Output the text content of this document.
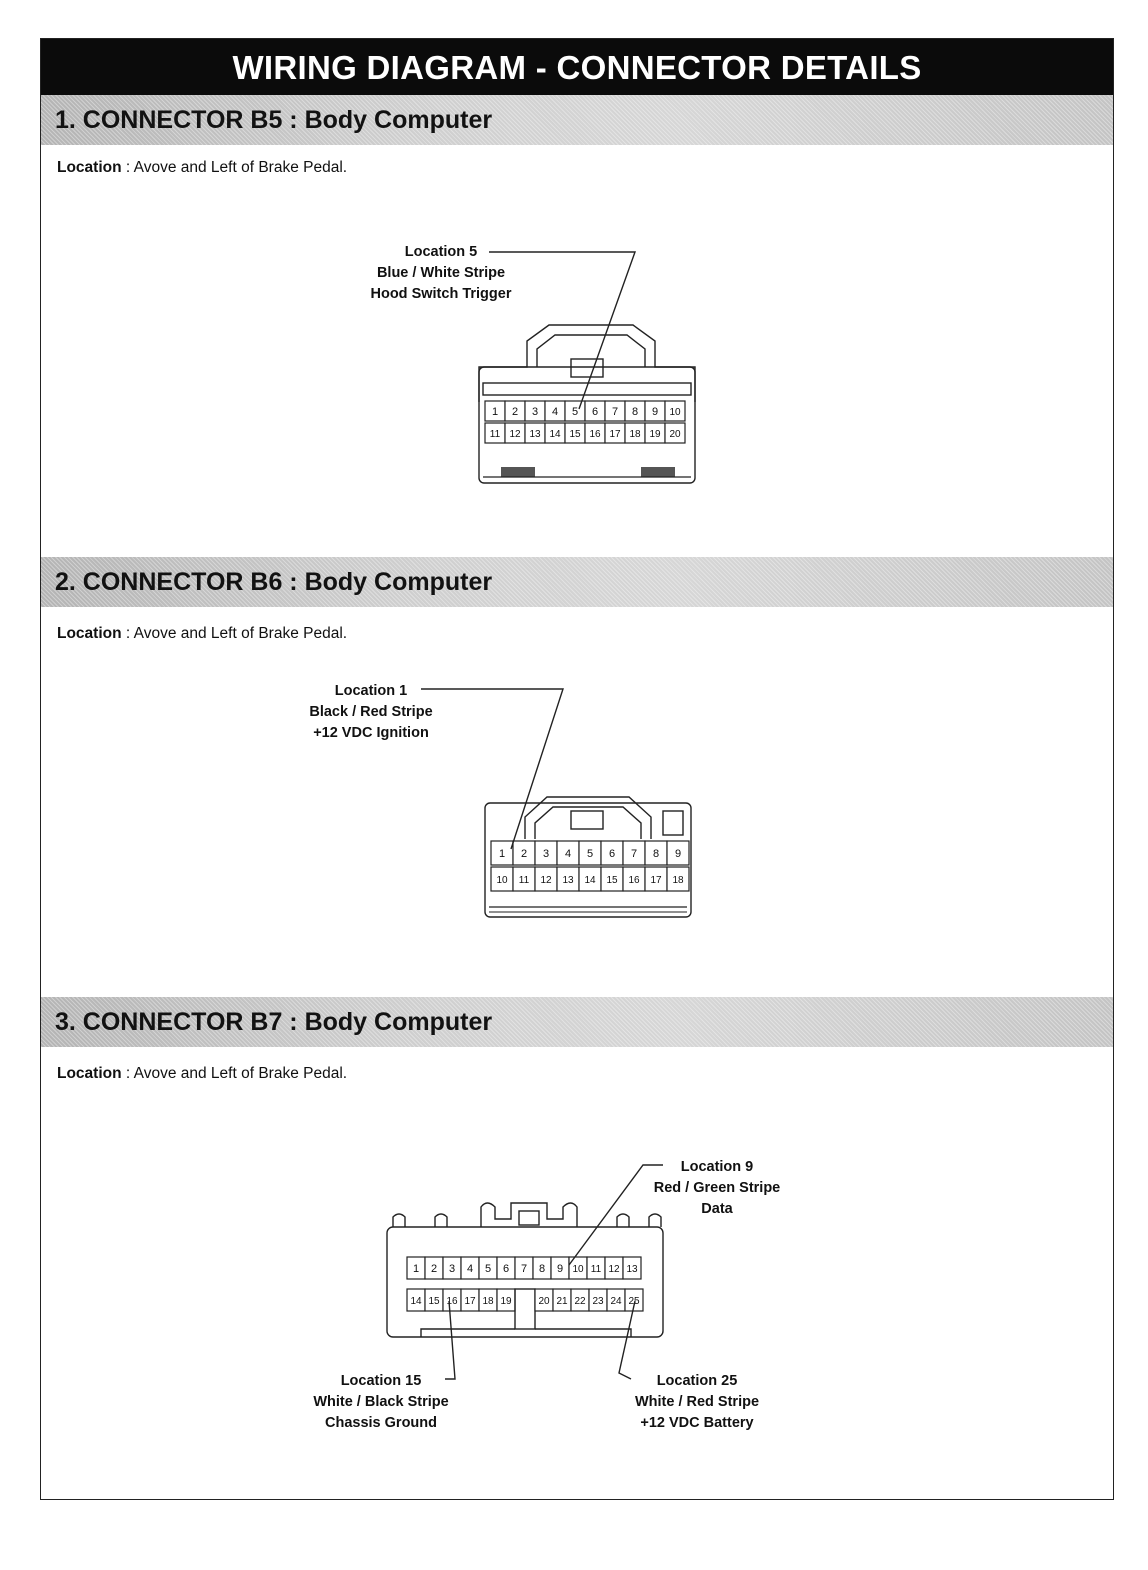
WIRING DIAGRAM - CONNECTOR DETAILS
1. CONNECTOR B5 : Body Computer
Location : Avove and Left of Brake Pedal.
2. CONNECTOR B6 : Body Computer
Location : Avove and Left of Brake Pedal.
3. CONNECTOR B7 : Body Computer
Location : Avove and Left of Brake Pedal.
Location 5
Blue / White Stripe
Hood Switch Trigger
Location 1
Black / Red Stripe
+12 VDC Ignition
Location 9
Red / Green Stripe
Data
Location 15
White / Black Stripe
Chassis Ground
Location 25
White / Red Stripe
+12 VDC Battery
1 2 3 4 5 6 7 8 9 10
11 12 13 14 15 16 17 18 19 20
1 2 3 4 5 6 7 8 9
10 11 12 13 14 15 16 17 18
1 2 3 4 5 6 7 8 9 10 11 12 13
14 15 16 17 18 19	20 21 22 23 24 25
